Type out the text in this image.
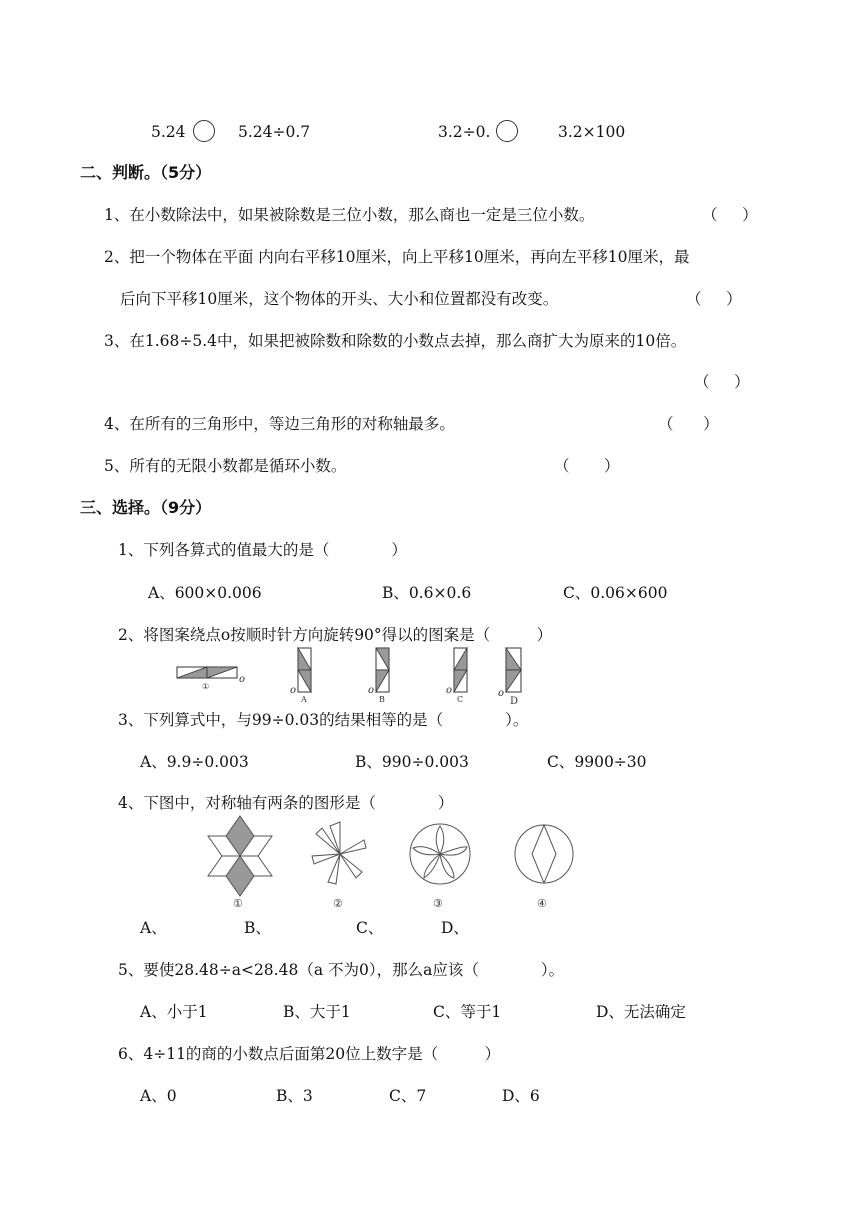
5.24	5.24÷0.7	3.2÷0.	3.2×100
二、判断。（5分）
1、在小数除法中，如果被除数是三位小数，那么商也一定是三位小数。	（ ）
2、把一个物体在平面 内向右平移10厘米，向上平移10厘米，再向左平移10厘米，最
后向下平移10厘米，这个物体的开头、大小和位置都没有改变。	（ ）
3、在1.68÷5.4中，如果把被除数和除数的小数点去掉，那么商扩大为原来的10倍。
（ ）
4、在所有的三角形中，等边三角形的对称轴最多。	（ ）
5、所有的无限小数都是循环小数。	（ ）
三、选择。（9分）
1、下列各算式的值最大的是（　　　　）
A、600×0.006	B、0.6×0.6	C、0.06×600
2、将图案绕点o按顺时针方向旋转90°得以的图案是（　　　）
①
o
o
A
o
B
o
C
o
D
3、下列算式中，与99÷0.03的结果相等的是（　　　　）。
A、9.9÷0.003	B、990÷0.003	C、9900÷30
4、下图中，对称轴有两条的图形是（　　　　）
①	②	③	④
A、	B、	C、	D、
5、要使28.48÷a<28.48（a 不为0），那么a应该（　　　　）。
A、小于1	B、大于1	C、等于1	D、无法确定
6、4÷11的商的小数点后面第20位上数字是（　　　）
A、0	B、3	C、7	D、6
